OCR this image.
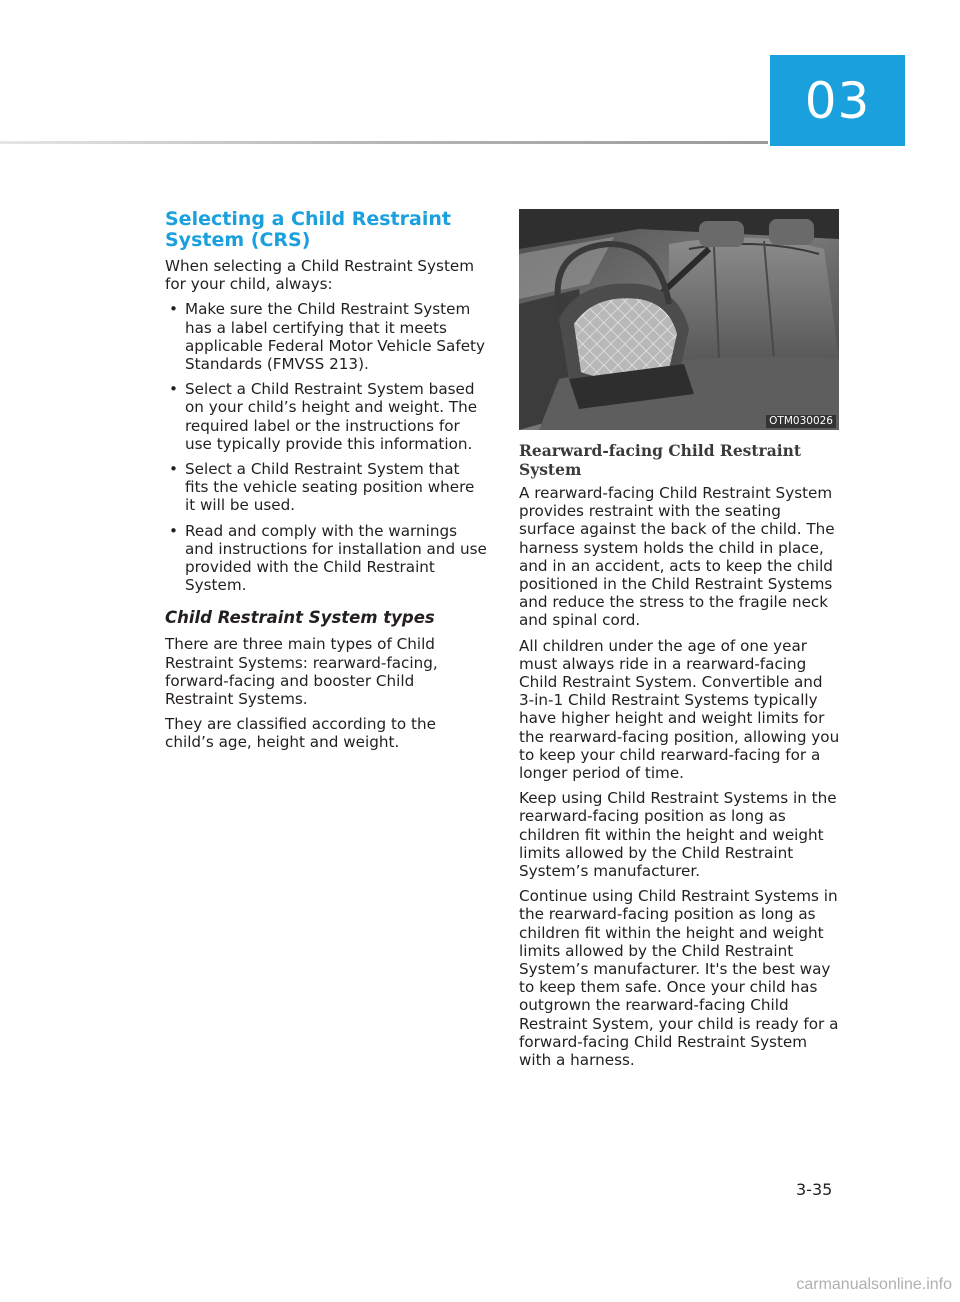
03
Selecting a Child Restraint System (CRS)

When selecting a Child Restraint System for your child, always:

• Make sure the Child Restraint System has a label certifying that it meets applicable Federal Motor Vehicle Safety Standards (FMVSS 213).
• Select a Child Restraint System based on your child’s height and weight. The required label or the instructions for use typically provide this information.
• Select a Child Restraint System that fits the vehicle seating position where it will be used.
• Read and comply with the warnings and instructions for installation and use provided with the Child Restraint System.
Child Restraint System types

There are three main types of Child Restraint Systems: rearward-facing, forward-facing and booster Child Restraint Systems.

They are classified according to the child’s age, height and weight.

OTM030026
Rearward-facing Child Restraint System

A rearward-facing Child Restraint System provides restraint with the seating surface against the back of the child. The harness system holds the child in place, and in an accident, acts to keep the child positioned in the Child Restraint Systems and reduce the stress to the fragile neck and spinal cord.

All children under the age of one year must always ride in a rearward-facing Child Restraint System. Convertible and 3-in-1 Child Restraint Systems typically have higher height and weight limits for the rearward-facing position, allowing you to keep your child rearward-facing for a longer period of time.

Keep using Child Restraint Systems in the rearward-facing position as long as children fit within the height and weight limits allowed by the Child Restraint System’s manufacturer.

Continue using Child Restraint Systems in the rearward-facing position as long as children fit within the height and weight limits allowed by the Child Restraint System’s manufacturer. It's the best way to keep them safe. Once your child has outgrown the rearward-facing Child Restraint System, your child is ready for a forward-facing Child Restraint System with a harness.

3-35
carmanualsonline.info
